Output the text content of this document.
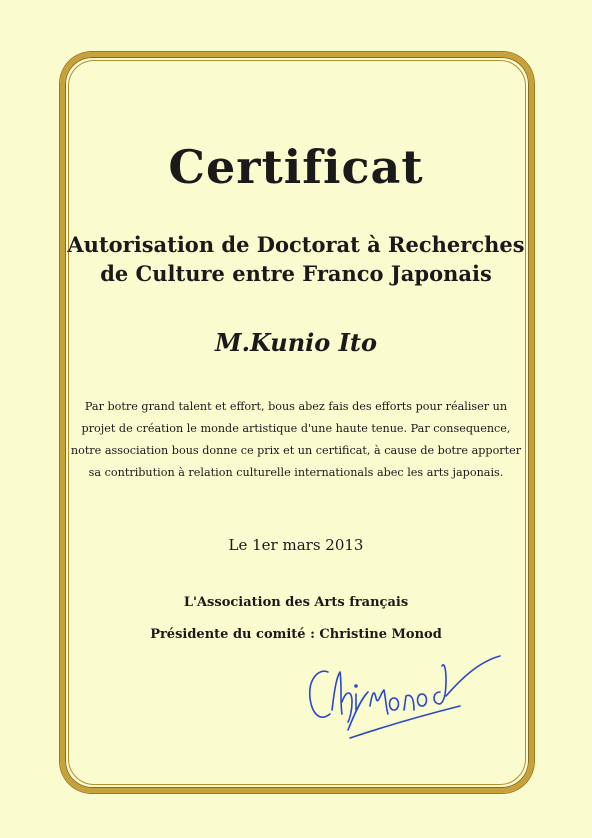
Certificat
Autorisation de Doctorat à Recherches
de Culture entre Franco Japonais
M.Kunio Ito
Par botre grand talent et effort, bous abez fais des efforts pour réaliser un
projet de création le monde artistique d'une haute tenue. Par consequence,
notre association bous donne ce prix et un certificat, à cause de botre apporter
sa contribution à relation culturelle internationals abec les arts japonais.
Le 1er mars 2013
L'Association des Arts français
Présidente du comité : Christine Monod
